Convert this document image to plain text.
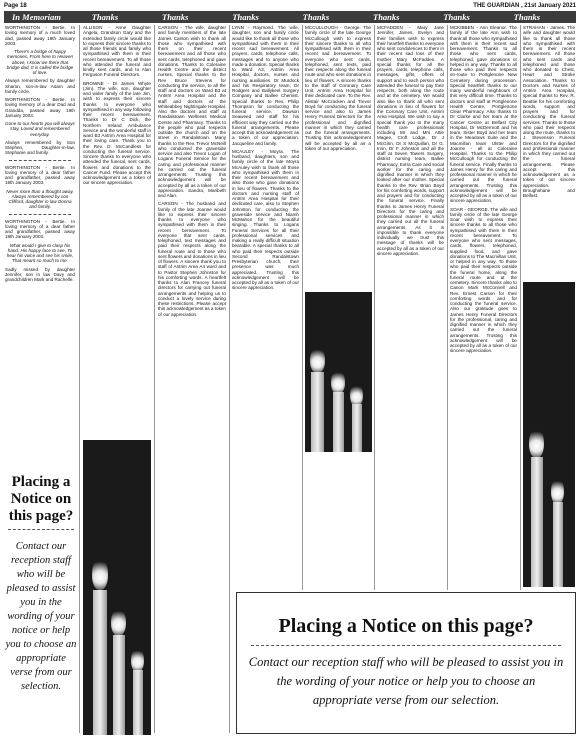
Page 18	THE GUARDIAN , 21st January 2021
In Memoriam	Thanks	Thanks	Thanks	Thanks	Thanks	Thanks	Thanks

WORTHINGTON - Bertie. In loving memory of a much loved dad, passed away 19th January 2003.

There's a bridge of happy memories, From here to Heaven above, I know we there that bridge dad, It is called the bridge of love.

Always remembered by daughter Sharon, son-in-law Adam and family circle.

WORTHINGTON - Bertie. In loving memory of a dear Dad and Grandda, passed away 19th January 2003.

Gone to our hearts you will always stay, Loved and remembered everyday.

Always remembered by Son Stephen, Daughter-in-law, Stephanie and family.

WORTHINGTON - Bertie. In loving memory of a dear father and grandfather, passed away 19th January 2003.

Never more than a thought away. Always remembered by son Clifford, daughter in law Donna and family.

WORTHINGTON - Bertie. In loving memory of a dear father and grandfather, passed away 19th January 2003.

What would I give to clasp his hand, His happy face to see, To hear his voice and see his smile, That meant so much to me.

Sadly missed by daughter Jennifer, son in law Davy and grandchildren Mark and Rachelle.

Placing a Notice on this page?
Contact our reception staff who will be pleased to assist you in the wording of your notice or help you to choose an appropriate verse from our selection.

ALLISON - Anne Daughter Angela, Grandson Gary and the extended family circle would like to express their sincere thanks to all those friends and family who sympathised with them in their recent bereavement. To all those who attended the funeral and kindly sent cards, and to Alan Ferguson Funeral Directors.

BROWNE - Di James Whyte (Jim). The wife, son, daughter and wider family of the late Jim, wish to express their sincere thanks to everyone who sympathised in any way following their recent bereavement. Thanks to Dr C Dick, the Northern Ireland Ambulance Service and the wonderful staff in ward B3 Antrim Area Hospital for their loving care. Thank you to the Rev. D. McCandless for conducting the funeral service. Sincere thanks to everyone who attended the funeral, sent cards, flowers and donations to the Cancer Fund. Please accept this acknowledgement as a token of our sincere appreciation.

CARSON - The wife, daughter and family members of the late James Carson wish to thank all those who sympathised with them on their recent bereavement and all those who sent cards, telephoned and gave donations. Thanks to Coleraine Health Centre and the district nurses, Special thanks to the Rev Bruce Stevens for conducting the service, to all the staff and doctors on Ward B3 at Antrim Area Hospital and the staff and doctors at the Whiteabbey Nightingale Hospital. Also the doctors and staff at Randalstown Wellness Medical Centre and Pharmacy. Thanks to the people who paid respects outside the church and on the street in Randalstown. Many thanks to the Rev. Trevor McNeill who conducted the graveside service and also Trevor Logan of Logans Funeral Service for the caring and professional manner he carried out the funeral arrangements. Trusting this acknowledgement will be accepted by all as a token of our appreciation. Sandra, Maribeth and Alan.

CARSON - The husband and family of the late Joanne would like to express their sincere thanks to everyone who sympathised with them in their recent bereavement. To everyone that sent cards, telephoned, text messages and paid their respects along the funeral route and to those who sent flowers and donations in lieu of flowers. A sincere thank you to staff of Antrim Area A4 ward and to Pastor Stephen Johnston for his comforting words. A heartfelt thanks to Alan Francey funeral directors for carrying out funeral arrangements and helping us to conduct a lovely service during these restrictions. Please accept this acknowledgement as a token of our appreciation.

LYNN - Raymond. The wife, daughter, son and family circle would like to thank all those who sympathised with them in their recent sad bereavement. All prayers, cards, telephone calls, messages and to anyone who made a donation. Special thanks to Ward A3, Antrim Area Hospital, doctors, nurses and nursing auxiliaries. Dr Murdock and his Respiratory team, Dr Rodgers and Ballykeel Surgery Company and Ballee Chemist. Special thanks to Rev. Philip Thompson for conducting the funeral service. Dawson Seaweed and staff for his efficient way they carried out the funeral arrangements. Please accept this acknowledgement as a token of our appreciation. Jacqueline and family.

MCAULEY - Moyra. The husband, daughters, son and family circle of the late Moyra McAuley wish to thank all those who sympathised with them in their recent bereavement and also those who gave donations in lieu of flowers. Thanks to the doctors and nursing staff of Antrim Area Hospital for their dedicated care, also to Stephen Johnston for conducting the graveside service and Niamh McMahon for the beautiful singing. Thanks to Logans Funeral Services for all their professional services and making a really difficult situation bearable. A special thanks to all who paid their respects outside Second Randalstown Presbyterian church, their presence was much appreciated. Trusting this acknowledgement will be accepted by all as a token of our sincere appreciation.

MCCULLOUGH - George. The family circle of the late George McCullough wish to express their sincere thanks to all who sympathised with them in their recent sad bereavement. To everyone who sent cards, telephoned, sent texts, paid their respects along the funeral route and who sent donations in lieu of flowers. A sincere thanks to the staff of Coronary Care Unit, Antrim Area Hospital for their dedicated care. To the Rev. Alistair McCracken and Trevor Boyd for conducting the funeral service and also to James Henry Funeral Directors for the professional and dignified manner in which they carried out the funeral arrangements. Trusting this acknowledgement will be accepted by all as a token of our appreciation.

MCFADDEN - Mary Jane Jennifer, James, Evelyn and their families wish to express their heartfelt thanks to everyone who sent condolences to them in their recent sad loss of their mother Mary McFadden. A special thanks for all the prayers, cards, telephone calls, messages, gifts, offers of support and to each person who attended the funeral to pay their respects, both along the route and at the cemetery. We would also like to thank all who sent donations in lieu of flowers for the Coronary Care Unit, Antrim Area Hospital. We wish to say a special thank you to the many health care professionals including Mr and Mrs Attie Magee, Croft Lodge, Dr J McGinn, Dr S McQuillan, Dr G. Irvin, Dr F Johnston and all the staff at Seven Towers Surgery, district nursing team, Ballee Pharmacy, Extra Care and social worker for the caring and dignified manner in which they looked after our mother. Special thanks to the Rev. Brian Boyd for his comforting words, support and prayers and for conducting the funeral service. Finally thanks to James Henry Funeral Directors for the caring and professional manner in which they carried out all the funeral arrangements. As it is impossible to thank everyone individually we trust this message of thanks will be accepted by all as a token of our sincere appreciation.

MCKIBBEN - Ann Eleanor. The family of the late Ann wish to thank all those who sympathised with them in their recent sad bereavement. Thanks to all those who sent cards, telephoned, gave donations or helped in any way. Thanks to all those who paid their respects en-route to Portglenone New Cemetery during procession. Special heartfelt thanks to our many wonderful neighbours of this very difficult time. Thanks to doctors and staff at Portglenone Health Centre, Portglenone Clear Pharmacy. Also thanks to Dr Clarke and her team at the Cancer Centre at Belfast City Hospital, Dr McDermott and his team, Sister Boyd and her team in the Meadows Suite and the Macmillan team Ulster and Joanne - all at Coleraine Hospital. Thanks to the Philip McCullough for conducting the funeral service. Finally thanks to James Henry for the caring and professional manner in which he carried out the funeral arrangements. Trusting this acknowledgement will be accepted by all as a token of our sincere appreciation.

SOAR - GEORGE. The wife and family circle of the late George Soar wish to express their sincere thanks to all those who sympathised with them in their recent bereavement. To everyone who sent messages, cards, flowers, telephoned, supplied food, and gave donations to The Macmillan Unit, or helped in any way. To those who paid their respects outside the funeral home, along the funeral route and at the cemetery. Sincere thanks also to Canon Mark McConnell and Rev. Ernest Carson for their comforting words and for conducting the funeral service. Also our gratitude goes to James Henry Funeral Directors for the professional, caring and dignified manner in which they carried out the funeral arrangements. Trusting this acknowledgement will be accepted by all as a token of our sincere appreciation.

STRAHAN - James. The wife and daughter would like to thank all those who sympathised with them in their recent bereavement. All those who sent cards and telephoned and those who donated to Chest, Heart and Stroke Association. Thanks to Doctors and Nurses of Antrim Area Hospital, special thanks to Rev. R. Beattie for his comforting words, support and prayers and for conducting the funeral services. Thanks to those who paid their respects along the route, thanks to J. Stevenson Funeral Directors for the dignified and professional manner in which they carried out the funeral arrangements. Please accept this acknowledgement as a token of our sincere appreciation. Broughshane and Belfast.

Placing a Notice on this page?
Contact our reception staff who will be pleased to assist you in the wording of your notice or help you to choose an appropriate verse from our selection.
